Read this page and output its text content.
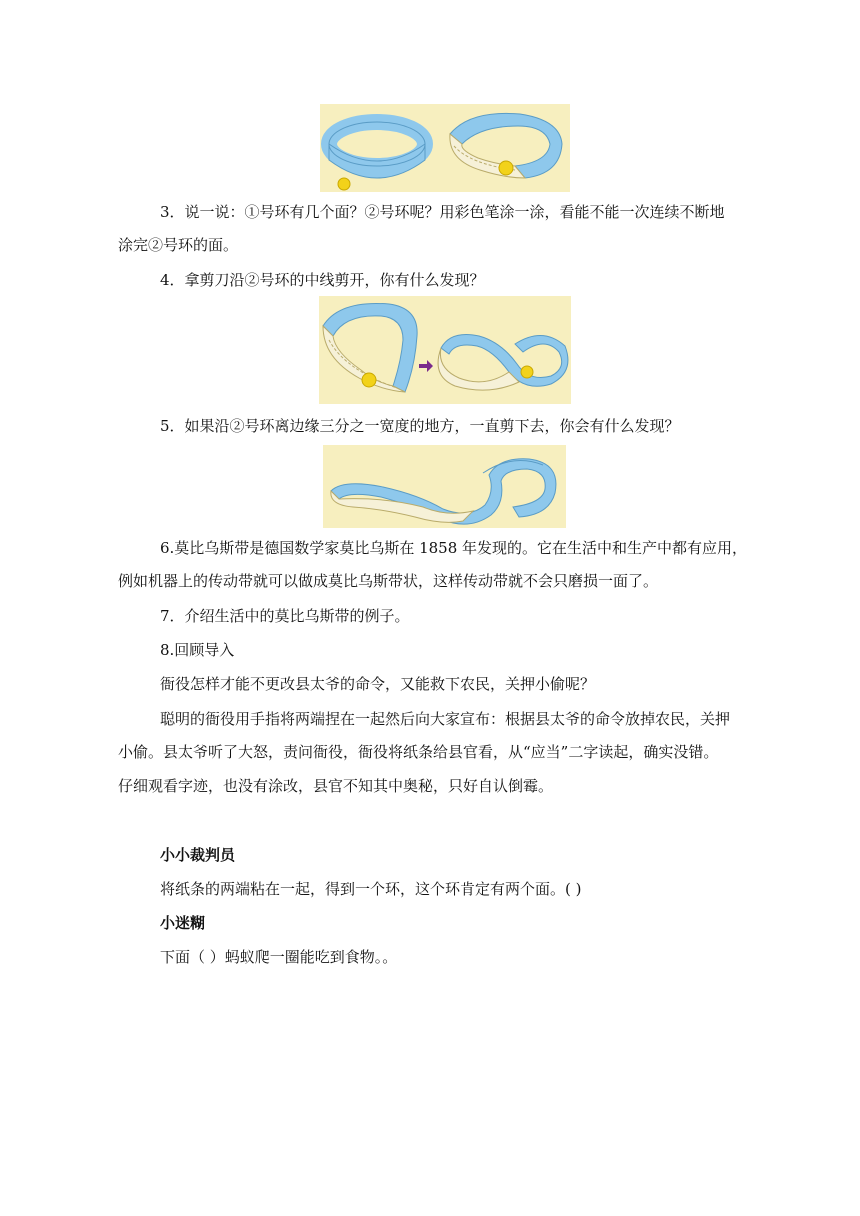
3．说一说：①号环有几个面？②号环呢？用彩色笔涂一涂，看能不能一次连续不断地
涂完②号环的面。
4．拿剪刀沿②号环的中线剪开，你有什么发现？
5．如果沿②号环离边缘三分之一宽度的地方，一直剪下去，你会有什么发现？
6.莫比乌斯带是德国数学家莫比乌斯在 1858 年发现的。它在生活中和生产中都有应用，
例如机器上的传动带就可以做成莫比乌斯带状，这样传动带就不会只磨损一面了。
7．介绍生活中的莫比乌斯带的例子。
8.回顾导入
衙役怎样才能不更改县太爷的命令，又能救下农民，关押小偷呢？
聪明的衙役用手指将两端捏在一起然后向大家宣布：根据县太爷的命令放掉农民，关押
小偷。县太爷听了大怒，责问衙役，衙役将纸条给县官看，从“应当”二字读起，确实没错。
仔细观看字迹，也没有涂改，县官不知其中奥秘，只好自认倒霉。
小小裁判员
将纸条的两端粘在一起，得到一个环，这个环肯定有两个面。( )
小迷糊
下面（ ）蚂蚁爬一圈能吃到食物。。
